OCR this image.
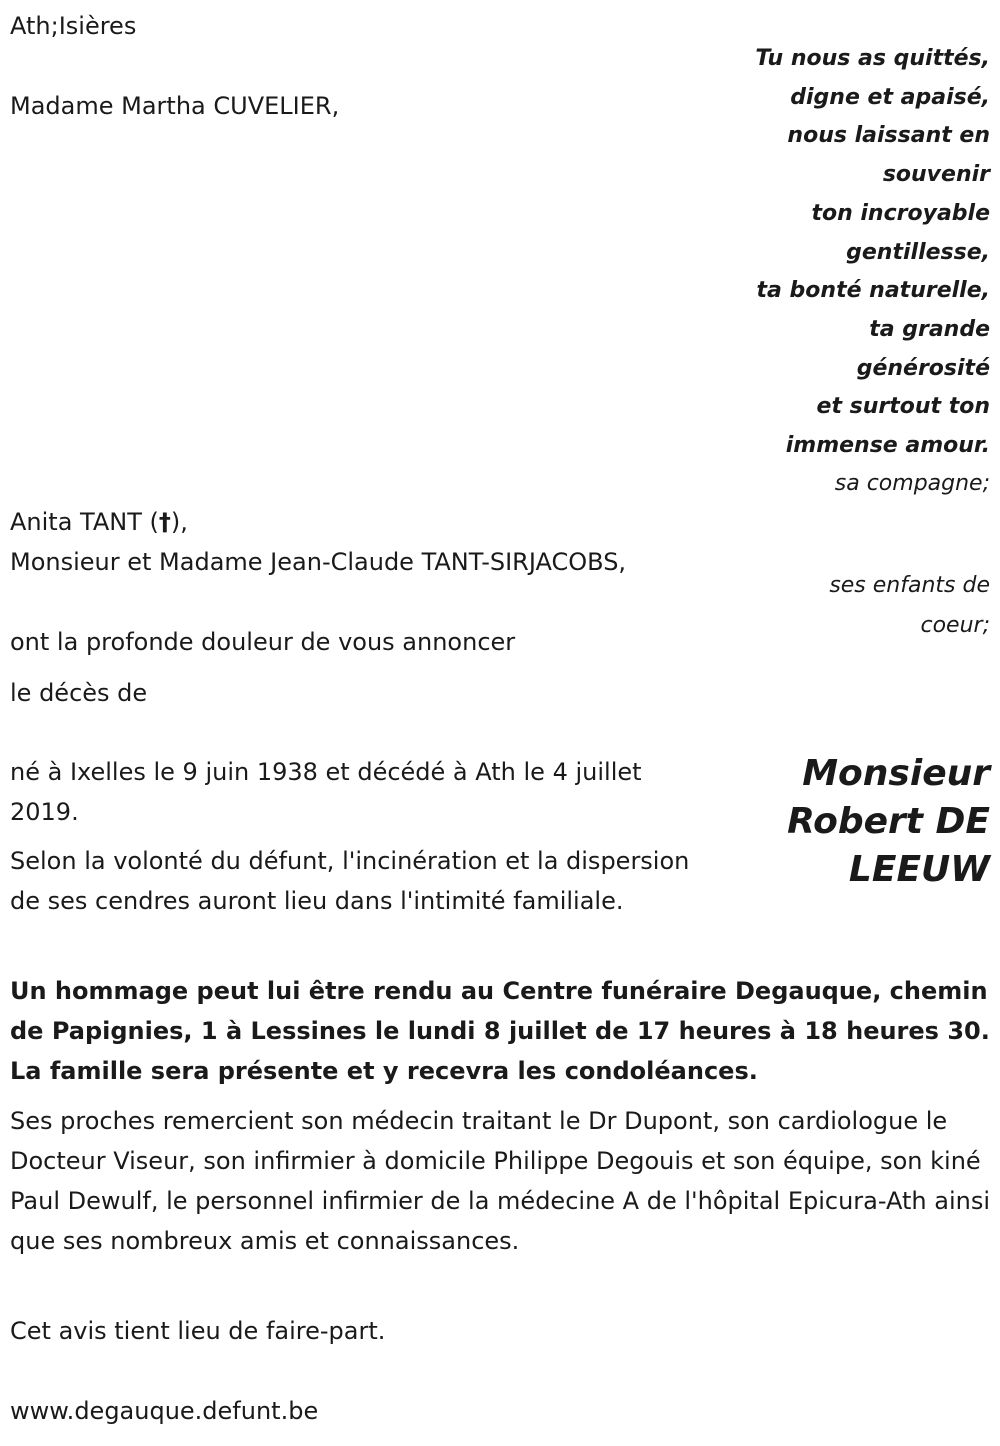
Ath;Isières
Madame Martha CUVELIER,
Tu nous as quittés,
digne et apaisé,
nous laissant en
souvenir
ton incroyable
gentillesse,
ta bonté naturelle,
ta grande
générosité
et surtout ton
immense amour.
sa compagne;
Anita TANT (†),
Monsieur et Madame Jean-Claude TANT-SIRJACOBS,
ses enfants de
coeur;
ont la profonde douleur de vous annoncer
le décès de
Monsieur
Robert DE
LEEUW
né à Ixelles le 9 juin 1938 et décédé à Ath le 4 juillet 2019.
Selon la volonté du défunt, l'incinération et la dispersion de ses cendres auront lieu dans l'intimité familiale.
Un hommage peut lui être rendu au Centre funéraire Degauque, chemin de Papignies, 1 à Lessines le lundi 8 juillet de 17 heures à 18 heures 30. La famille sera présente et y recevra les condoléances.
Ses proches remercient son médecin traitant le Dr Dupont, son cardiologue le Docteur Viseur, son infirmier à domicile Philippe Degouis et son équipe, son kiné Paul Dewulf, le personnel infirmier de la médecine A de l'hôpital Epicura-Ath ainsi que ses nombreux amis et connaissances.
Cet avis tient lieu de faire-part.
www.degauque.defunt.be
